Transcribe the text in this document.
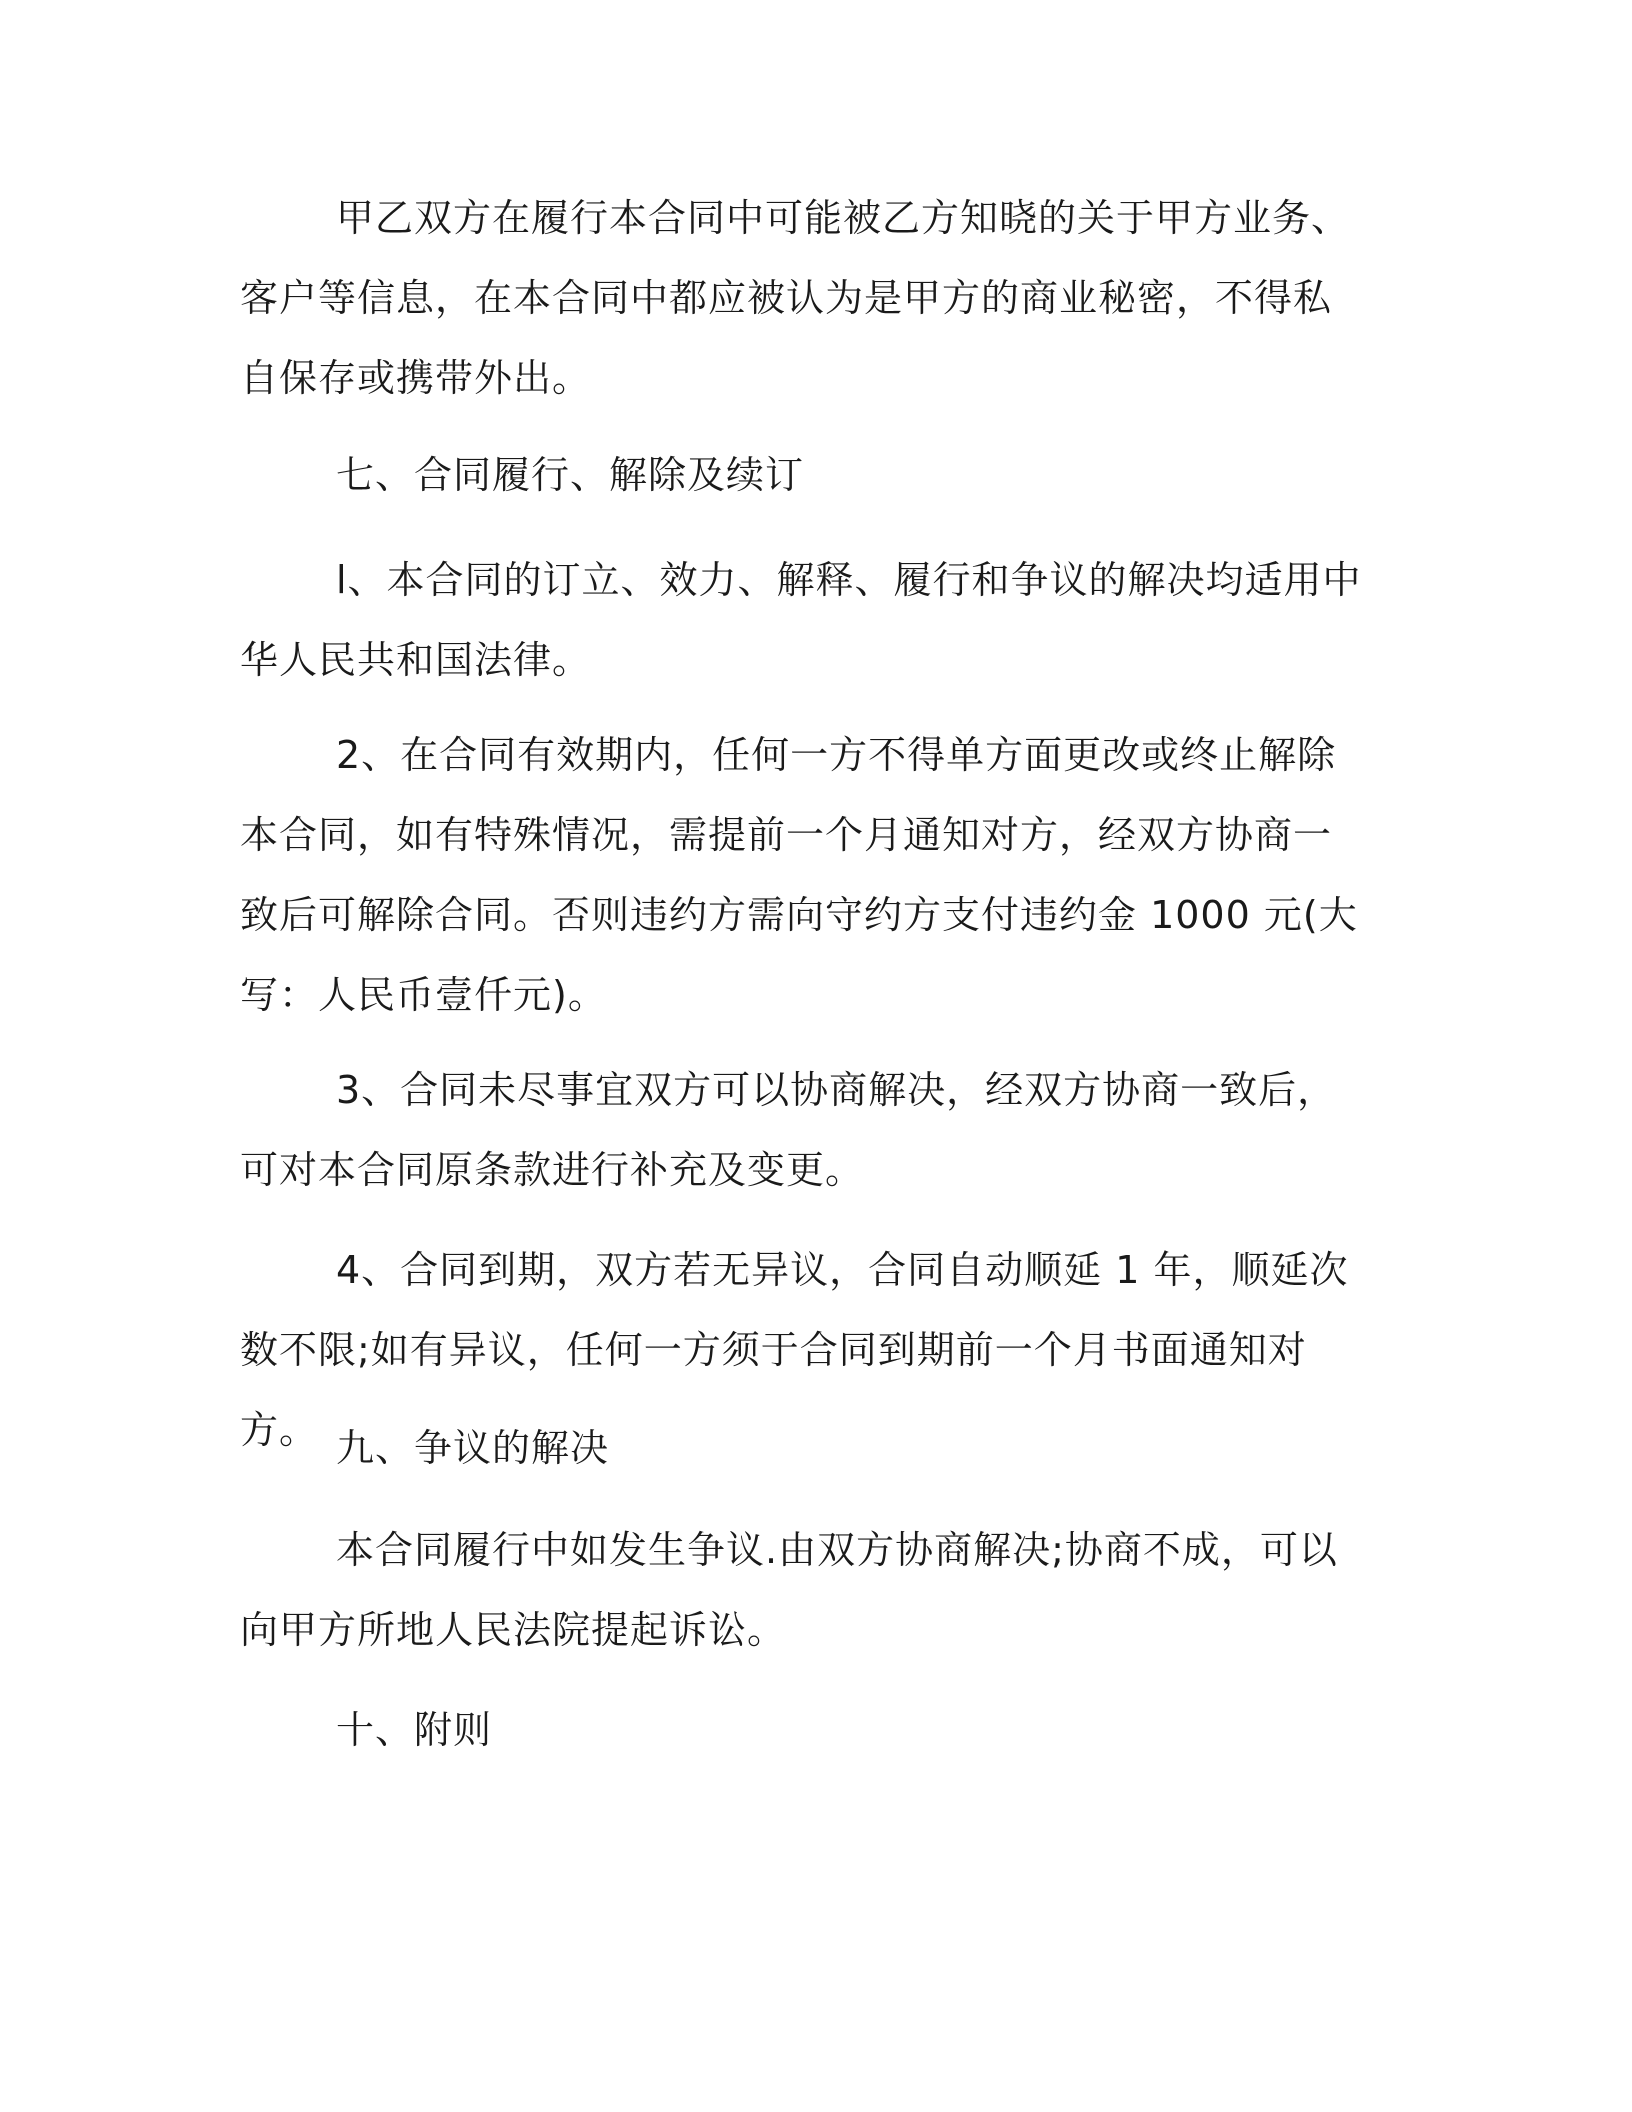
甲乙双方在履行本合同中可能被乙方知晓的关于甲方业务、客户等信息，在本合同中都应被认为是甲方的商业秘密，不得私自保存或携带外出。

七、合同履行、解除及续订

l、本合同的订立、效力、解释、履行和争议的解决均适用中华人民共和国法律。

2、在合同有效期内，任何一方不得单方面更改或终止解除本合同，如有特殊情况，需提前一个月通知对方，经双方协商一致后可解除合同。否则违约方需向守约方支付违约金 1000 元(大写：人民币壹仟元)。

3、合同未尽事宜双方可以协商解决，经双方协商一致后，可对本合同原条款进行补充及变更。

4、合同到期，双方若无异议，合同自动顺延 1 年，顺延次数不限;如有异议，任何一方须于合同到期前一个月书面通知对方。 九、争议的解决

本合同履行中如发生争议.由双方协商解决;协商不成，可以向甲方所地人民法院提起诉讼。

十、附则
